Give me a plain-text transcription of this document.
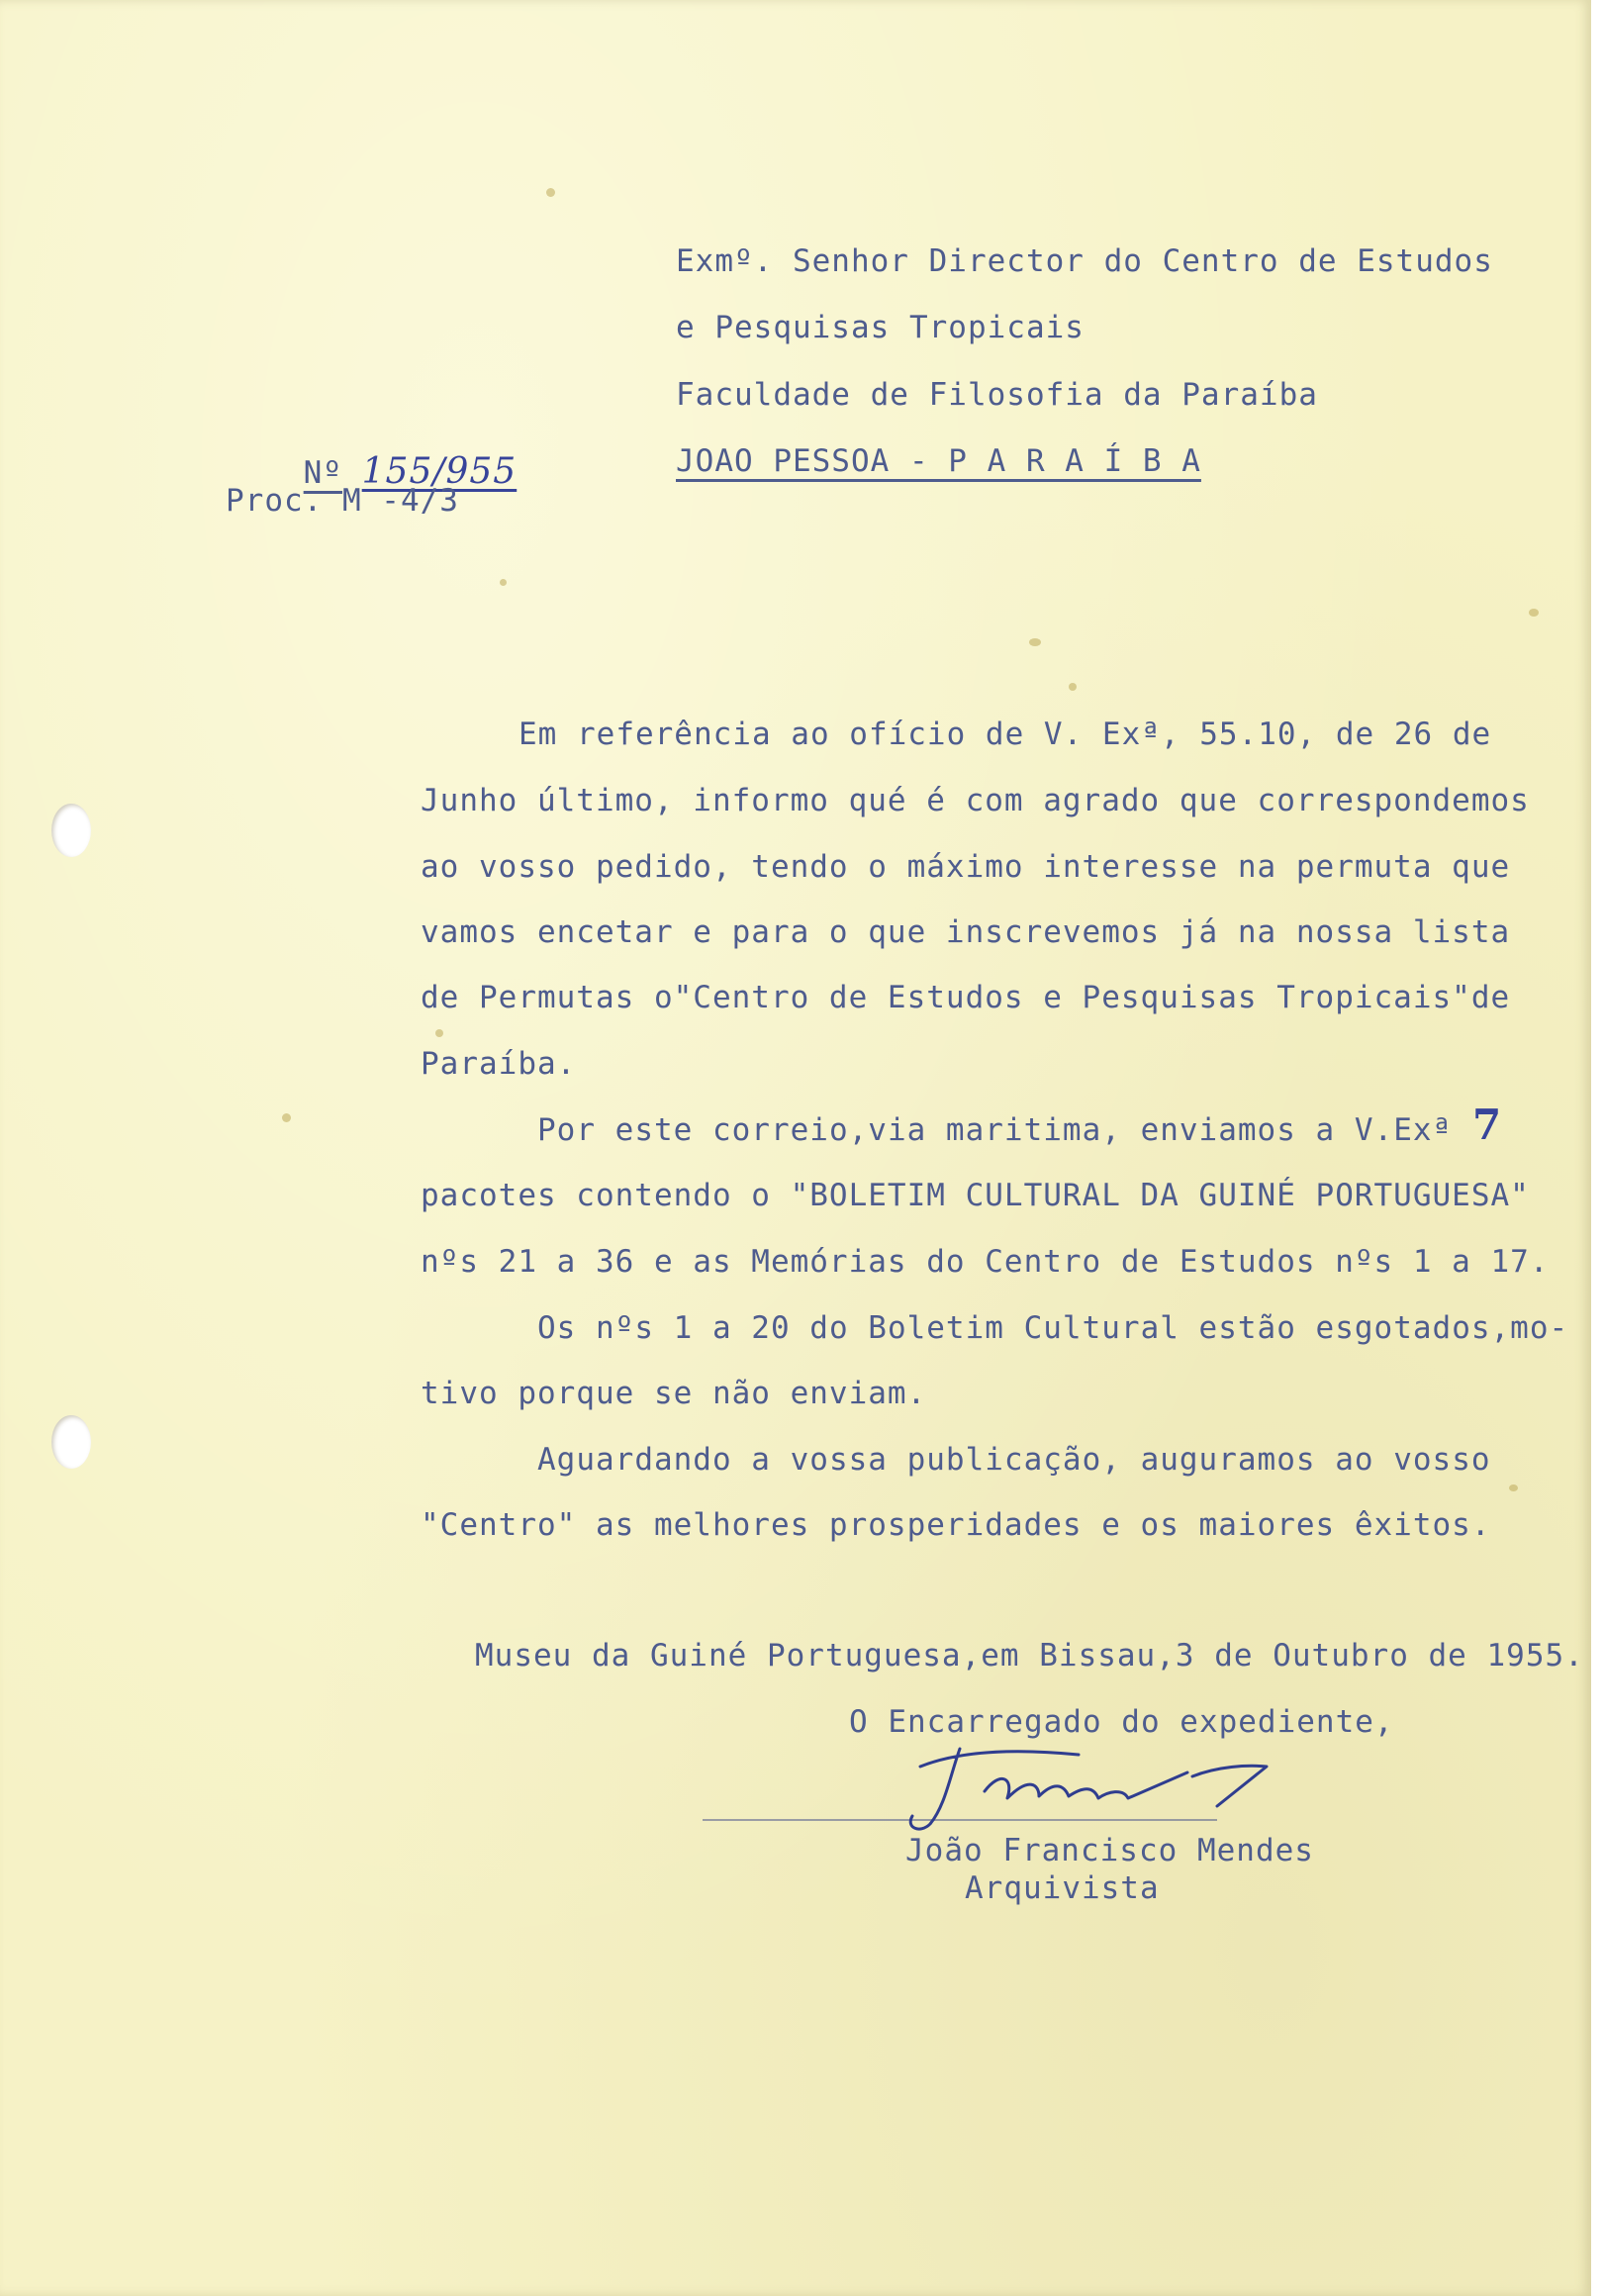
Nº 155/955

Proc. M -4/3

Exmº. Senhor Director do Centro de Estudos

e Pesquisas Tropicais

Faculdade de Filosofia da Paraíba

JOAO PESSOA - P A R A Í B A

Em referência ao ofício de V. Exª, 55.10, de 26 de

Junho último, informo qué é com agrado que correspondemos

ao vosso pedido, tendo o máximo interesse na permuta que

vamos encetar e para o que inscrevemos já na nossa lista

de Permutas o"Centro de Estudos e Pesquisas Tropicais"de

Paraíba.

Por este correio,via maritima, enviamos a V.Exª 7

pacotes contendo o "BOLETIM CULTURAL DA GUINÉ PORTUGUESA"

nºs 21 a 36 e as Memórias do Centro de Estudos nºs 1 a 17.

Os nºs 1 a 20 do Boletim Cultural estão esgotados,mo-

tivo porque se não enviam.

Aguardando a vossa publicação, auguramos ao vosso

"Centro" as melhores prosperidades e os maiores êxitos.

Museu da Guiné Portuguesa,em Bissau,3 de Outubro de 1955.

O Encarregado do expediente,

João Francisco Mendes

Arquivista
